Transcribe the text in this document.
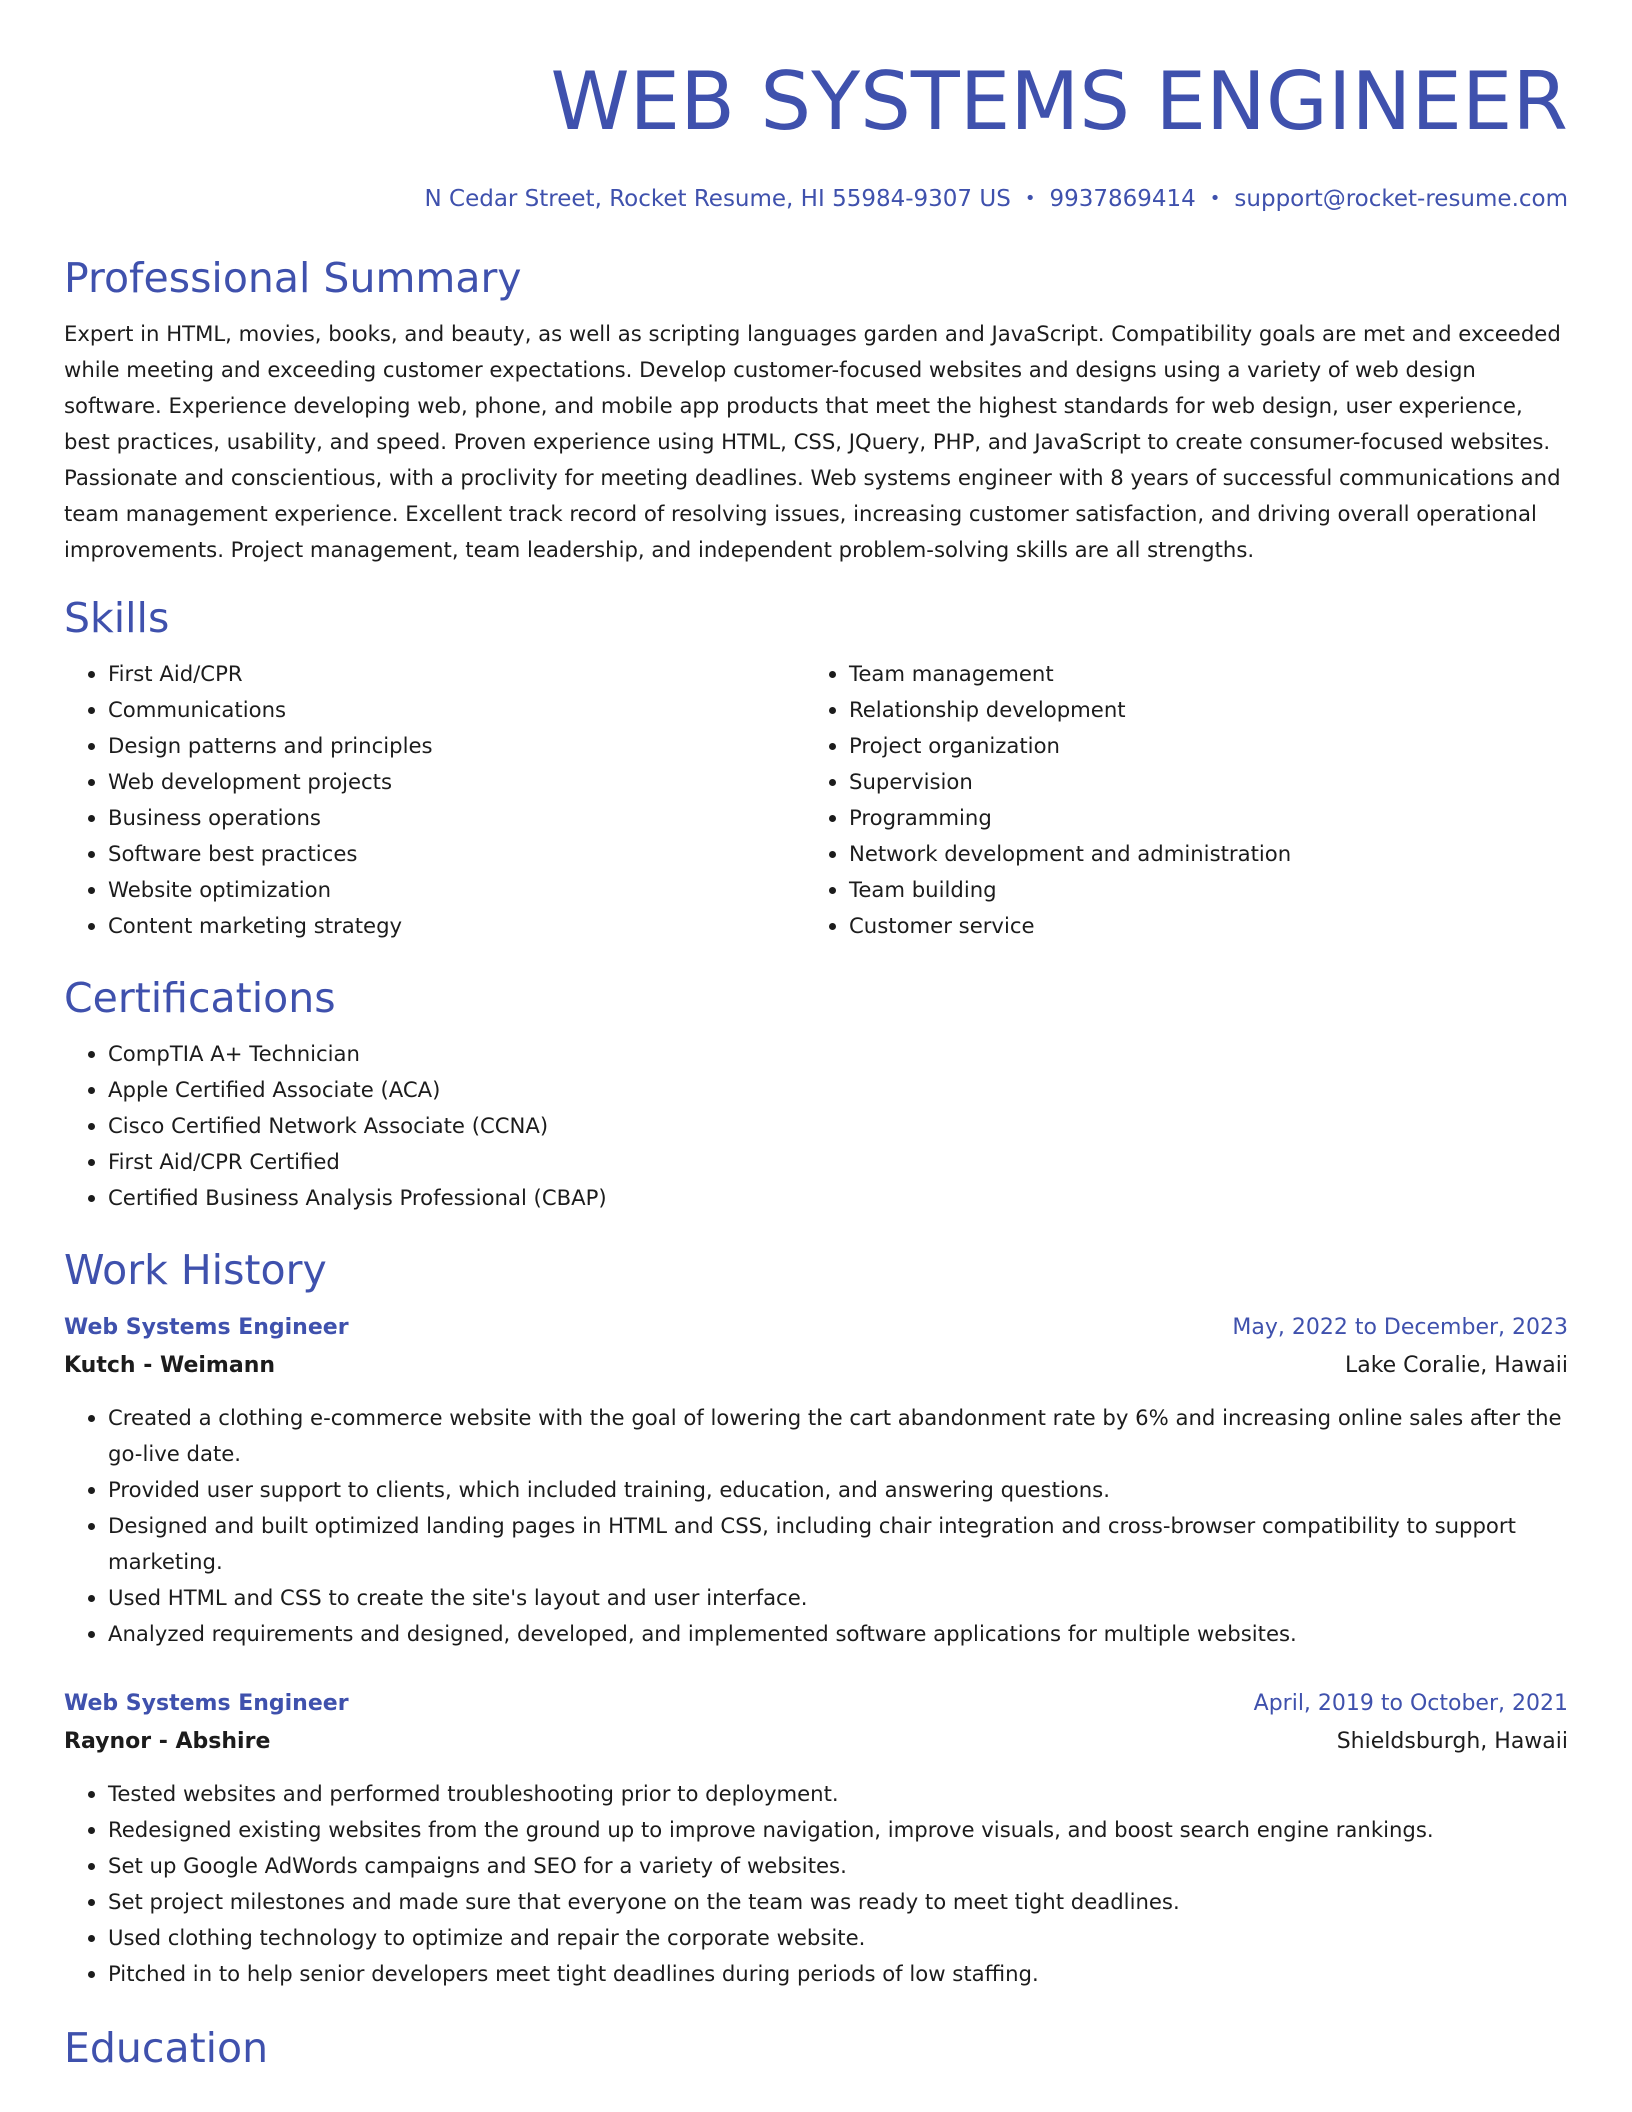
WEB SYSTEMS ENGINEER
N Cedar Street, Rocket Resume, HI 55984-9307 US • 9937869414 • support@rocket-resume.com
Professional Summary

Expert in HTML, movies, books, and beauty, as well as scripting languages garden and JavaScript. Compatibility goals are met and exceeded while meeting and exceeding customer expectations. Develop customer-focused websites and designs using a variety of web design software. Experience developing web, phone, and mobile app products that meet the highest standards for web design, user experience, best practices, usability, and speed. Proven experience using HTML, CSS, JQuery, PHP, and JavaScript to create consumer-focused websites. Passionate and conscientious, with a proclivity for meeting deadlines. Web systems engineer with 8 years of successful communications and team management experience. Excellent track record of resolving issues, increasing customer satisfaction, and driving overall operational improvements. Project management, team leadership, and independent problem-solving skills are all strengths.

Skills
• First Aid/CPR
• Communications
• Design patterns and principles
• Web development projects
• Business operations
• Software best practices
• Website optimization
• Content marketing strategy
• Team management
• Relationship development
• Project organization
• Supervision
• Programming
• Network development and administration
• Team building
• Customer service
Certifications
• CompTIA A+ Technician
• Apple Certified Associate (ACA)
• Cisco Certified Network Associate (CCNA)
• First Aid/CPR Certified
• Certified Business Analysis Professional (CBAP)
Work History
Web Systems Engineer	May, 2022 to December, 2023
Kutch - Weimann	Lake Coralie, Hawaii
• Created a clothing e-commerce website with the goal of lowering the cart abandonment rate by 6% and increasing online sales after the go-live date.
• Provided user support to clients, which included training, education, and answering questions.
• Designed and built optimized landing pages in HTML and CSS, including chair integration and cross-browser compatibility to support marketing.
• Used HTML and CSS to create the site's layout and user interface.
• Analyzed requirements and designed, developed, and implemented software applications for multiple websites.
Web Systems Engineer	April, 2019 to October, 2021
Raynor - Abshire	Shieldsburgh, Hawaii
• Tested websites and performed troubleshooting prior to deployment.
• Redesigned existing websites from the ground up to improve navigation, improve visuals, and boost search engine rankings.
• Set up Google AdWords campaigns and SEO for a variety of websites.
• Set project milestones and made sure that everyone on the team was ready to meet tight deadlines.
• Used clothing technology to optimize and repair the corporate website.
• Pitched in to help senior developers meet tight deadlines during periods of low staffing.
Education
